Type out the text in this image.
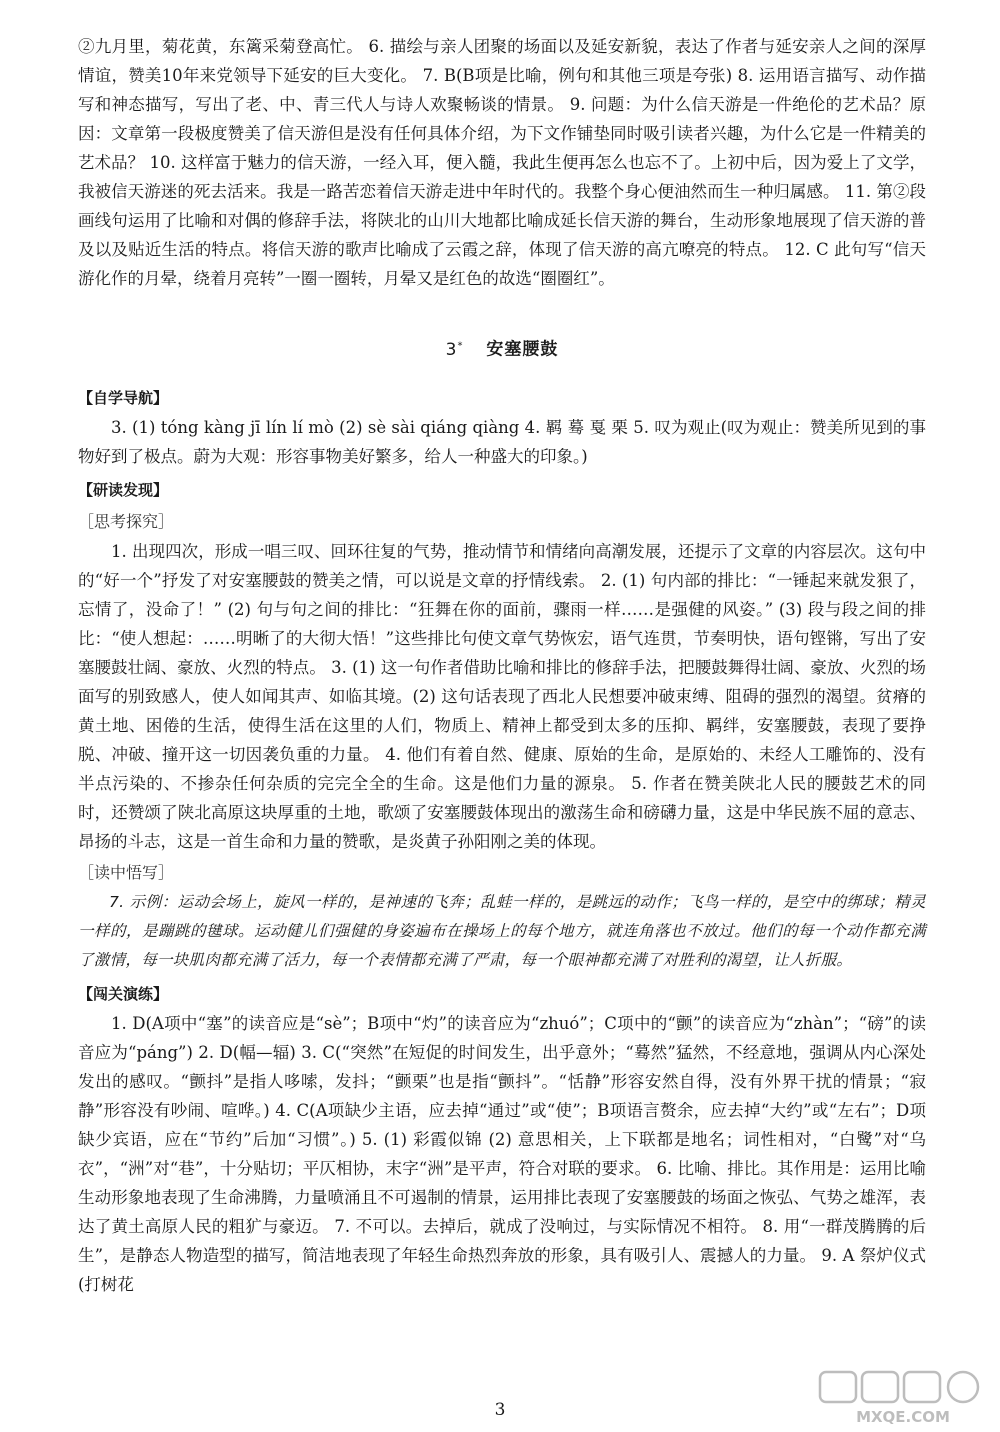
②九月里，菊花黄，东篱采菊登高忙。 6. 描绘与亲人团聚的场面以及延安新貌，表达了作者与延安亲人之间的深厚情谊，赞美10年来党领导下延安的巨大变化。 7. B(B项是比喻，例句和其他三项是夸张) 8. 运用语言描写、动作描写和神态描写，写出了老、中、青三代人与诗人欢聚畅谈的情景。 9. 问题：为什么信天游是一件绝伦的艺术品？原因：文章第一段极度赞美了信天游但是没有任何具体介绍，为下文作铺垫同时吸引读者兴趣，为什么它是一件精美的艺术品？ 10. 这样富于魅力的信天游，一经入耳，便入髓，我此生便再怎么也忘不了。上初中后，因为爱上了文学，我被信天游迷的死去活来。我是一路苦恋着信天游走进中年时代的。我整个身心便油然而生一种归属感。 11. 第②段画线句运用了比喻和对偶的修辞手法，将陕北的山川大地都比喻成延长信天游的舞台，生动形象地展现了信天游的普及以及贴近生活的特点。将信天游的歌声比喻成了云霞之辞，体现了信天游的高亢嘹亮的特点。 12. C 此句写“信天游化作的月晕，绕着月亮转”一圈一圈转，月晕又是红色的故选“圈圈红”。

3* 安塞腰鼓
【自学导航】

3. (1) tóng kàng jī lín lí mò (2) sè sài qiáng qiàng 4. 羁 蓦 戛 栗 5. 叹为观止(叹为观止：赞美所见到的事物好到了极点。蔚为大观：形容事物美好繁多，给人一种盛大的印象。)

【研读发现】
［思考探究］

1. 出现四次，形成一唱三叹、回环往复的气势，推动情节和情绪向高潮发展，还提示了文章的内容层次。这句中的“好一个”抒发了对安塞腰鼓的赞美之情，可以说是文章的抒情线索。 2. (1) 句内部的排比：“一锤起来就发狠了，忘情了，没命了！” (2) 句与句之间的排比：“狂舞在你的面前，骤雨一样……是强健的风姿。” (3) 段与段之间的排比：“使人想起：……明晰了的大彻大悟！”这些排比句使文章气势恢宏，语气连贯，节奏明快，语句铿锵，写出了安塞腰鼓壮阔、豪放、火烈的特点。 3. (1) 这一句作者借助比喻和排比的修辞手法，把腰鼓舞得壮阔、豪放、火烈的场面写的别致感人，使人如闻其声、如临其境。(2) 这句话表现了西北人民想要冲破束缚、阻碍的强烈的渴望。贫瘠的黄土地、困倦的生活，使得生活在这里的人们，物质上、精神上都受到太多的压抑、羁绊，安塞腰鼓，表现了要挣脱、冲破、撞开这一切因袭负重的力量。 4. 他们有着自然、健康、原始的生命，是原始的、未经人工雕饰的、没有半点污染的、不掺杂任何杂质的完完全全的生命。这是他们力量的源泉。 5. 作者在赞美陕北人民的腰鼓艺术的同时，还赞颂了陕北高原这块厚重的土地，歌颂了安塞腰鼓体现出的激荡生命和磅礴力量，这是中华民族不屈的意志、昂扬的斗志，这是一首生命和力量的赞歌，是炎黄子孙阳刚之美的体现。

［读中悟写］

7. 示例：运动会场上，旋风一样的，是神速的飞奔；乱蛙一样的，是跳远的动作；飞鸟一样的，是空中的绑球；精灵一样的，是蹦跳的毽球。运动健儿们强健的身姿遍布在操场上的每个地方，就连角落也不放过。他们的每一个动作都充满了激情，每一块肌肉都充满了活力，每一个表情都充满了严肃，每一个眼神都充满了对胜利的渴望，让人折服。

【闯关演练】

1. D(A项中“塞”的读音应是“sè”；B项中“灼”的读音应为“zhuó”；C项中的“颤”的读音应为“zhàn”；“磅”的读音应为“páng”) 2. D(幅—辐) 3. C(“突然”在短促的时间发生，出乎意外；“蓦然”猛然，不经意地，强调从内心深处发出的感叹。“颤抖”是指人哆嗦，发抖；“颤栗”也是指“颤抖”。“恬静”形容安然自得，没有外界干扰的情景；“寂静”形容没有吵闹、喧哗。) 4. C(A项缺少主语，应去掉“通过”或“使”；B项语言赘余，应去掉“大约”或“左右”；D项缺少宾语，应在“节约”后加“习惯”。) 5. (1) 彩霞似锦 (2) 意思相关，上下联都是地名；词性相对，“白鹭”对“乌衣”，“洲”对“巷”，十分贴切；平仄相协，末字“洲”是平声，符合对联的要求。 6. 比喻、排比。其作用是：运用比喻生动形象地表现了生命沸腾，力量喷涌且不可遏制的情景，运用排比表现了安塞腰鼓的场面之恢弘、气势之雄浑，表达了黄土高原人民的粗犷与豪迈。 7. 不可以。去掉后，就成了没响过，与实际情况不相符。 8. 用“一群茂腾腾的后生”，是静态人物造型的描写，简洁地表现了年轻生命热烈奔放的形象，具有吸引人、震撼人的力量。 9. A 祭炉仪式(打树花

3	MXQE.COM
